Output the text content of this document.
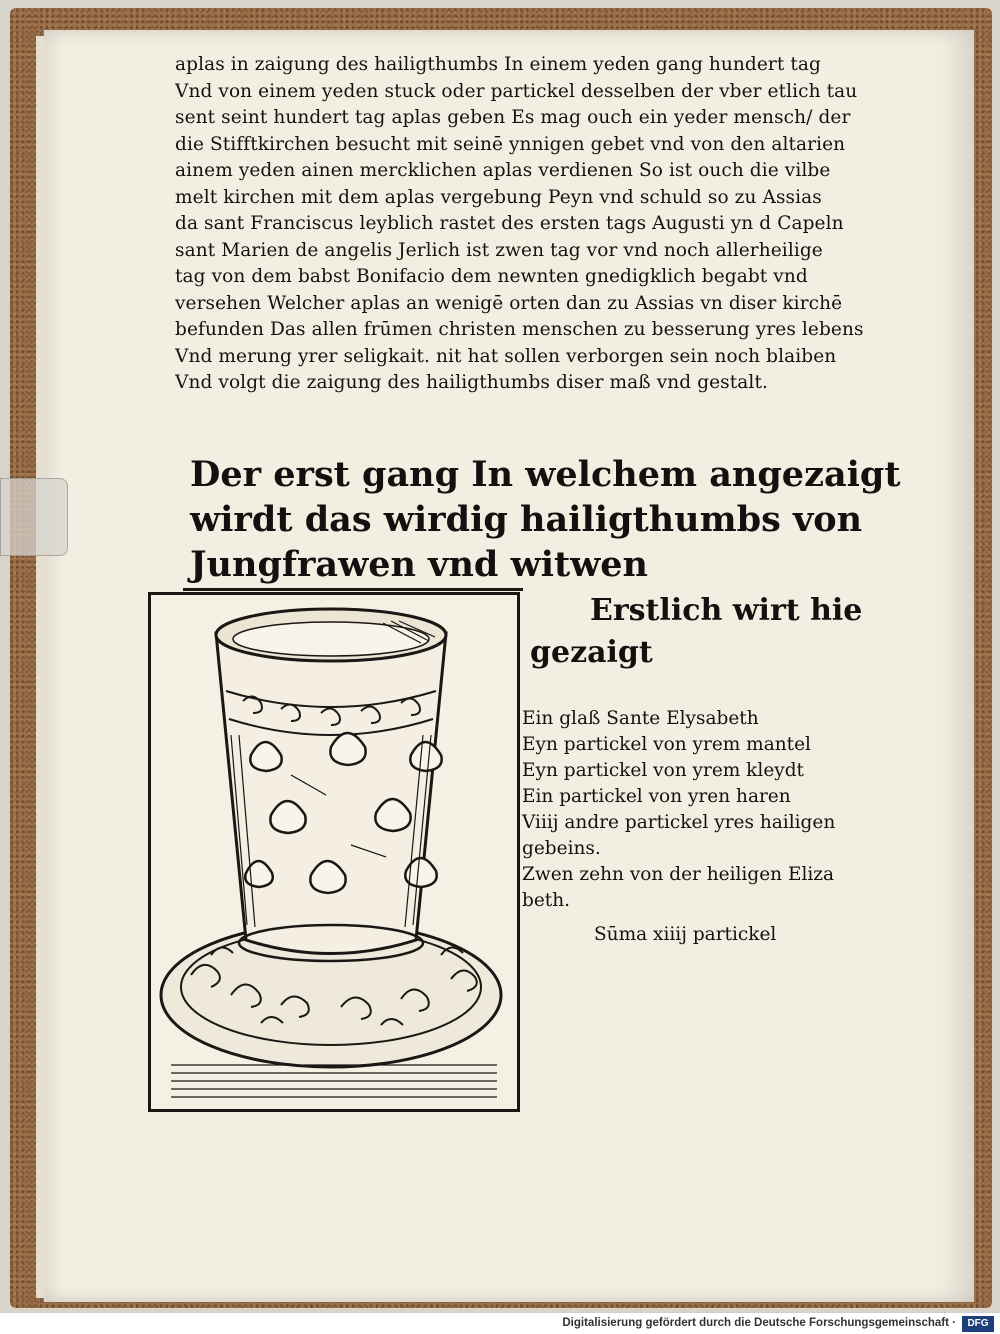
aplas in zaigung des hailigthumbs In einem yeden gang hundert tag
Vnd von einem yeden stuck oder partickel desselben der vber etlich tau
sent seint hundert tag aplas geben Es mag ouch ein yeder mensch/ der
die Stifftkirchen besucht mit seinē ynnigen gebet vnd von den altarien
ainem yeden ainen mercklichen aplas verdienen So ist ouch die vilbe
melt kirchen mit dem aplas vergebung Peyn vnd schuld so zu Assias
da sant Franciscus leyblich rastet des ersten tags Augusti yn d Capeln
sant Marien de angelis Jerlich ist zwen tag vor vnd noch allerheilige
tag von dem babst Bonifacio dem newnten gnedigklich begabt vnd
versehen Welcher aplas an wenigē orten dan zu Assias vn diser kirchē
befunden Das allen frūmen christen menschen zu besserung yres lebens
Vnd merung yrer seligkait. nit hat sollen verborgen sein noch blaiben
Vnd volgt die zaigung des hailigthumbs diser maß vnd gestalt.
Der erst gang In welchem angezaigt
wirdt das wirdig hailigthumbs von
Jungfrawen vnd witwen
Erstlich wirt hie
gezaigt
Ein glaß Sante Elysabeth
Eyn partickel von yrem mantel
Eyn partickel von yrem kleydt
Ein partickel von yren haren
Viiij andre partickel yres hailigen
gebeins.
Zwen zehn von der heiligen Eliza
beth.
Sūma xiiij partickel
Digitalisierung gefördert durch die Deutsche Forschungsgemeinschaft ·	DFG
